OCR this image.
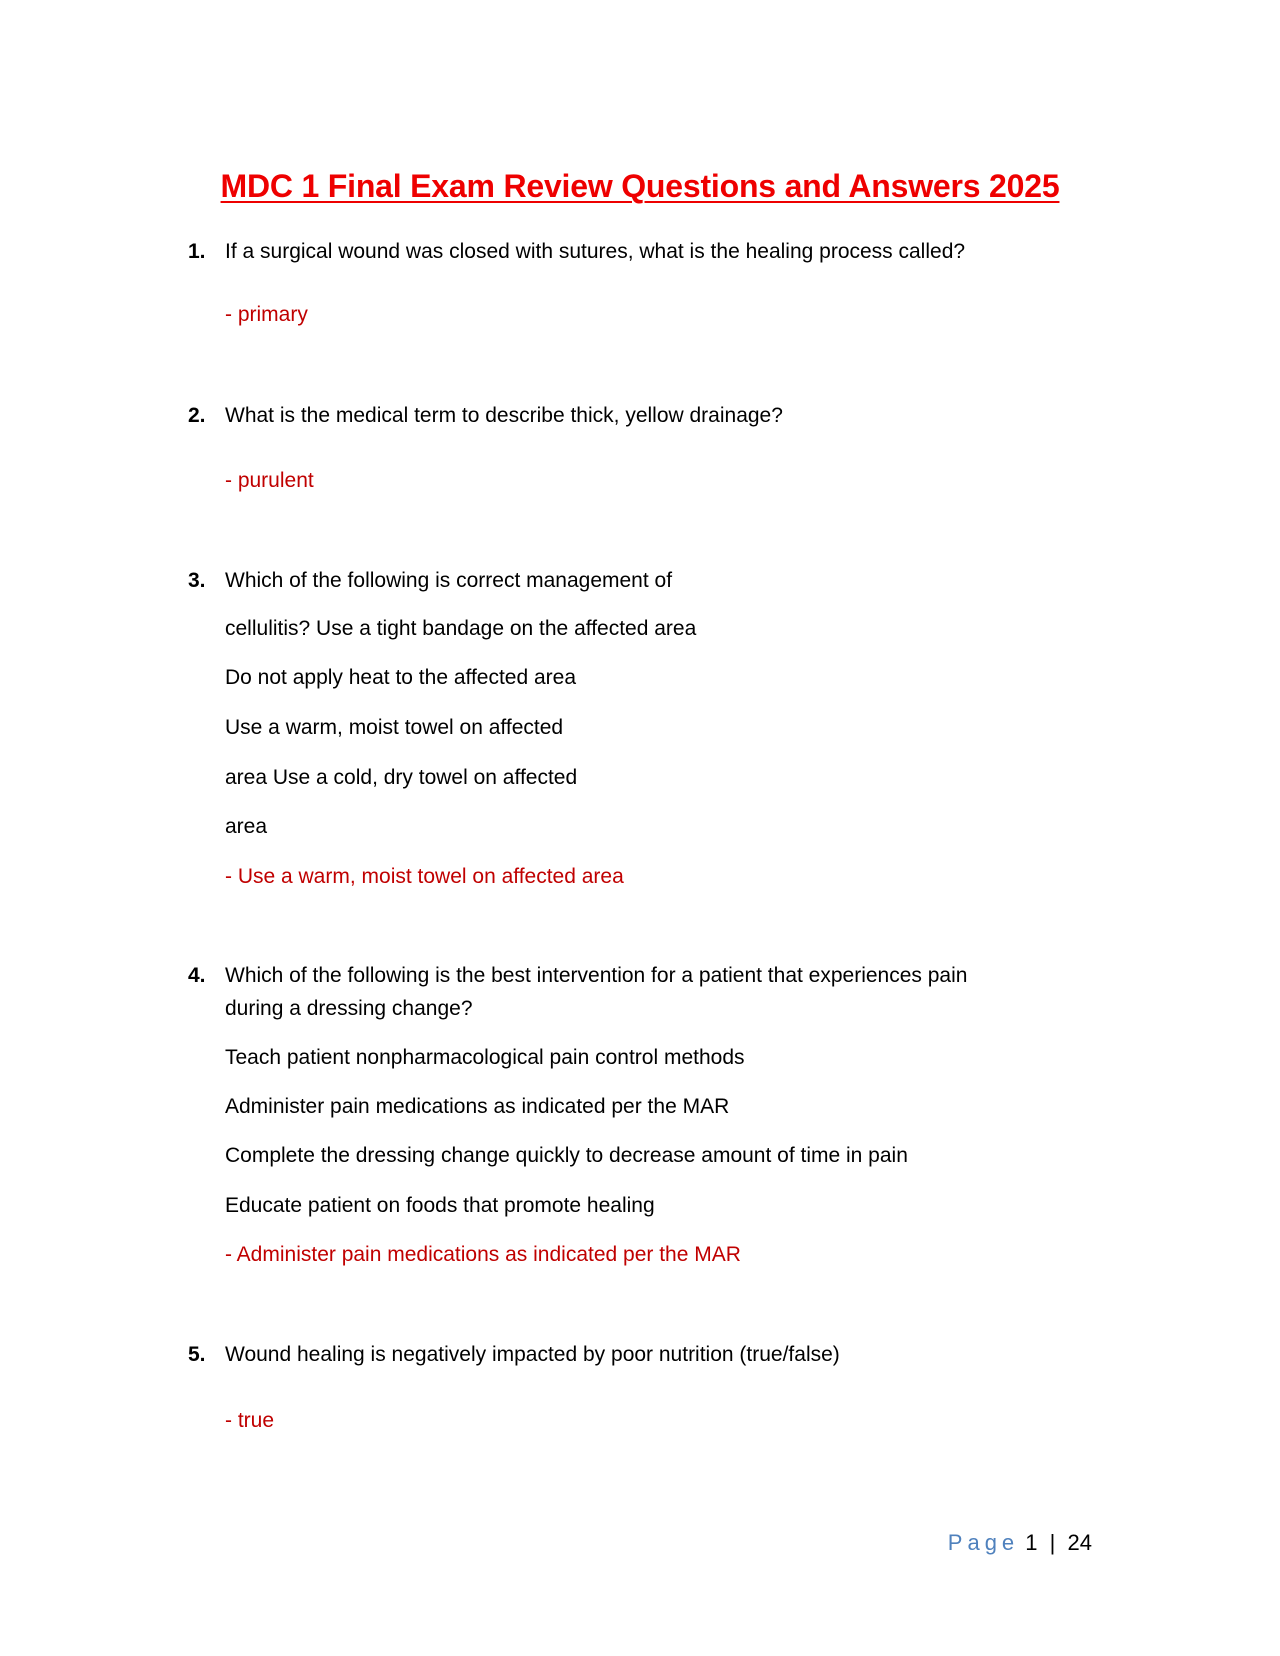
MDC 1 Final Exam Review Questions and Answers 2025
1. If a surgical wound was closed with sutures, what is the healing process called?
- primary
2. What is the medical term to describe thick, yellow drainage?
- purulent
3. Which of the following is correct management of
cellulitis? Use a tight bandage on the affected area
Do not apply heat to the affected area
Use a warm, moist towel on affected
area Use a cold, dry towel on affected
area
- Use a warm, moist towel on affected area
4. Which of the following is the best intervention for a patient that experiences pain
during a dressing change?
Teach patient nonpharmacological pain control methods
Administer pain medications as indicated per the MAR
Complete the dressing change quickly to decrease amount of time in pain
Educate patient on foods that promote healing
- Administer pain medications as indicated per the MAR
5. Wound healing is negatively impacted by poor nutrition (true/false)
- true
Page 1 | 24
